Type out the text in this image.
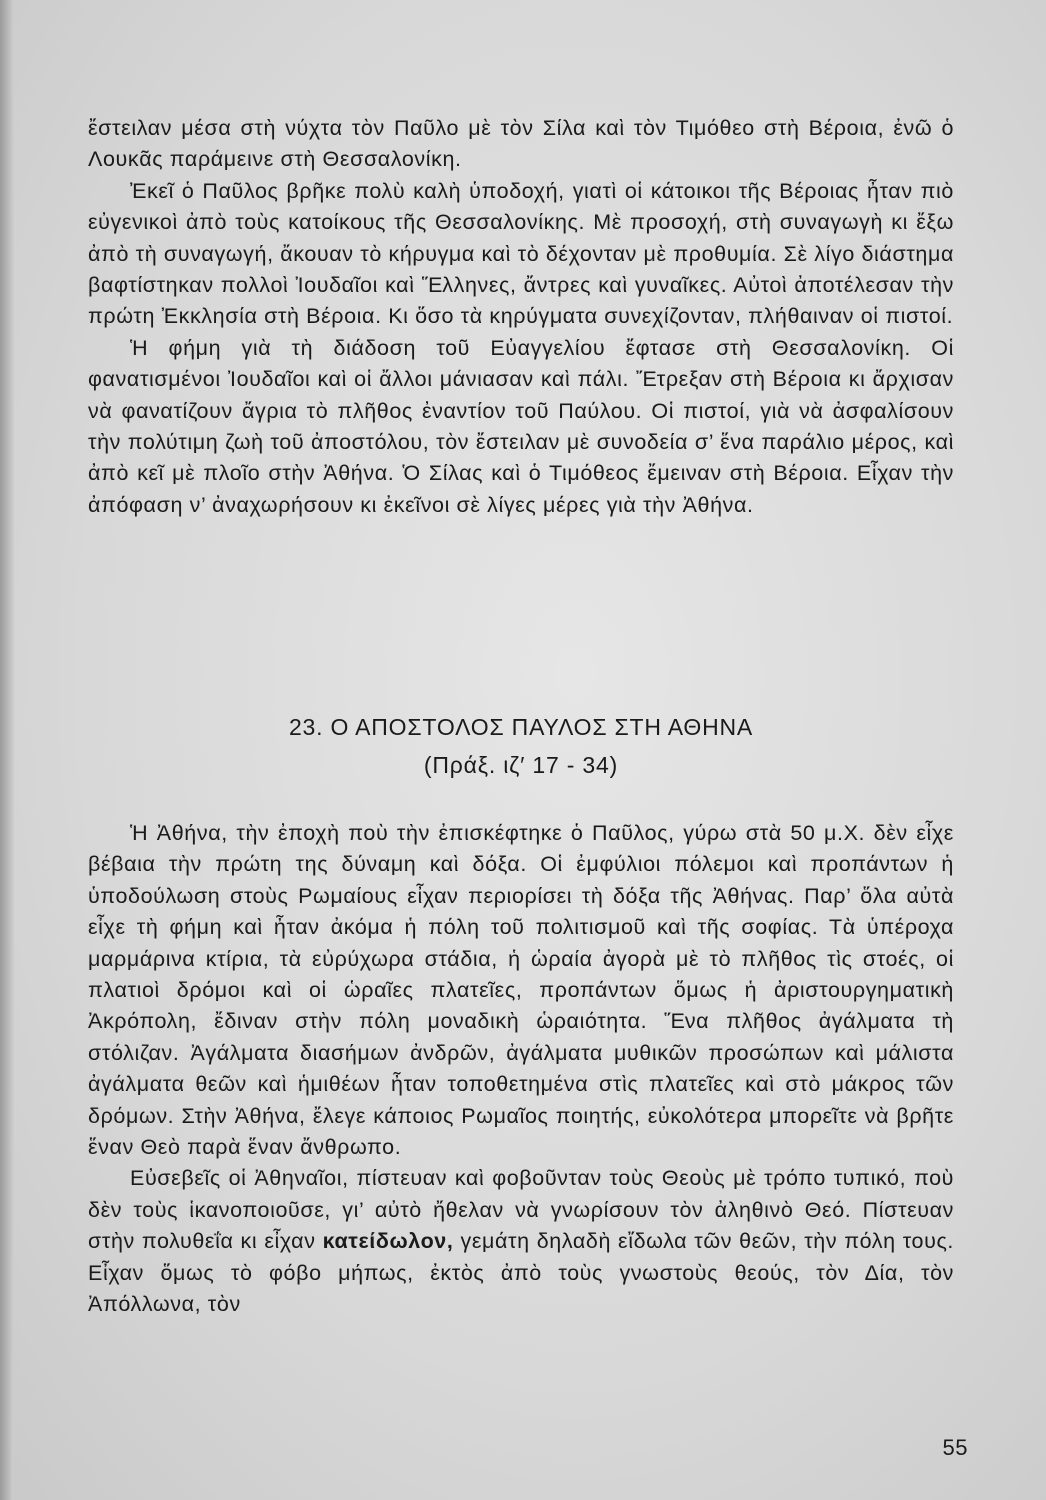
ἔστειλαν μέσα στὴ νύχτα τὸν Παῦλο μὲ τὸν Σίλα καὶ τὸν Τιμόθεο στὴ Βέροια, ἐνῶ ὁ Λουκᾶς παράμεινε στὴ Θεσσαλονίκη.

Ἐκεῖ ὁ Παῦλος βρῆκε πολὺ καλὴ ὑποδοχή, γιατὶ οἱ κάτοικοι τῆς Βέροιας ἦταν πιὸ εὐγενικοὶ ἀπὸ τοὺς κατοίκους τῆς Θεσσαλονίκης. Μὲ προσοχή, στὴ συναγωγὴ κι ἔξω ἀπὸ τὴ συναγωγή, ἄκουαν τὸ κήρυγμα καὶ τὸ δέχονταν μὲ προθυμία. Σὲ λίγο διάστημα βαφτίστηκαν πολλοὶ Ἰουδαῖοι καὶ Ἕλληνες, ἄντρες καὶ γυναῖκες. Αὐτοὶ ἀποτέλεσαν τὴν πρώτη Ἐκκλησία στὴ Βέροια. Κι ὅσο τὰ κηρύγματα συνεχίζονταν, πλήθαιναν οἱ πιστοί.

Ἡ φήμη γιὰ τὴ διάδοση τοῦ Εὐαγγελίου ἔφτασε στὴ Θεσσαλονίκη. Οἱ φανατισμένοι Ἰουδαῖοι καὶ οἱ ἄλλοι μάνιασαν καὶ πάλι. Ἔτρεξαν στὴ Βέροια κι ἄρχισαν νὰ φανατίζουν ἄγρια τὸ πλῆθος ἐναντίον τοῦ Παύλου. Οἱ πιστοί, γιὰ νὰ ἀσφαλίσουν τὴν πολύτιμη ζωὴ τοῦ ἀποστόλου, τὸν ἔστειλαν μὲ συνοδεία σ’ ἕνα παράλιο μέρος, καὶ ἀπὸ κεῖ μὲ πλοῖο στὴν Ἀθήνα. Ὁ Σίλας καὶ ὁ Τιμόθεος ἔμειναν στὴ Βέροια. Εἶχαν τὴν ἀπόφαση ν’ ἀναχωρήσουν κι ἐκεῖνοι σὲ λίγες μέρες γιὰ τὴν Ἀθήνα.

23. Ο ΑΠΟΣΤΟΛΟΣ ΠΑΥΛΟΣ ΣΤΗ ΑΘΗΝΑ
(Πράξ. ιζ′ 17 - 34)

Ἡ Ἀθήνα, τὴν ἐποχὴ ποὺ τὴν ἐπισκέφτηκε ὁ Παῦλος, γύρω στὰ 50 μ.Χ. δὲν εἶχε βέβαια τὴν πρώτη της δύναμη καὶ δόξα. Οἱ ἐμφύλιοι πόλεμοι καὶ προπάντων ἡ ὑποδούλωση στοὺς Ρωμαίους εἶχαν περιορίσει τὴ δόξα τῆς Ἀθήνας. Παρ’ ὅλα αὐτὰ εἶχε τὴ φήμη καὶ ἦταν ἀκόμα ἡ πόλη τοῦ πολιτισμοῦ καὶ τῆς σοφίας. Τὰ ὑπέροχα μαρμάρινα κτίρια, τὰ εὐρύχωρα στάδια, ἡ ὡραία ἀγορὰ μὲ τὸ πλῆθος τὶς στοές, οἱ πλατιοὶ δρόμοι καὶ οἱ ὡραῖες πλατεῖες, προπάντων ὅμως ἡ ἀριστουργηματικὴ Ἀκρόπολη, ἔδιναν στὴν πόλη μοναδικὴ ὡραιότητα. Ἕνα πλῆθος ἀγάλματα τὴ στόλιζαν. Ἀγάλματα διασήμων ἀνδρῶν, ἀγάλματα μυθικῶν προσώπων καὶ μάλιστα ἀγάλματα θεῶν καὶ ἡμιθέων ἦταν τοποθετημένα στὶς πλατεῖες καὶ στὸ μάκρος τῶν δρόμων. Στὴν Ἀθήνα, ἔλεγε κάποιος Ρωμαῖος ποιητής, εὐκολότερα μπορεῖτε νὰ βρῆτε ἕναν Θεὸ παρὰ ἕναν ἄνθρωπο.

Εὐσεβεῖς οἱ Ἀθηναῖοι, πίστευαν καὶ φοβοῦνταν τοὺς Θεοὺς μὲ τρόπο τυπικό, ποὺ δὲν τοὺς ἱκανοποιοῦσε, γι’ αὐτὸ ἤθελαν νὰ γνωρίσουν τὸν ἀληθινὸ Θεό. Πίστευαν στὴν πολυθεΐα κι εἶχαν κατείδωλον, γεμάτη δηλαδὴ εἴδωλα τῶν θεῶν, τὴν πόλη τους. Εἶχαν ὅμως τὸ φόβο μήπως, ἐκτὸς ἀπὸ τοὺς γνωστοὺς θεούς, τὸν Δία, τὸν Ἀπόλλωνα, τὸν

55
